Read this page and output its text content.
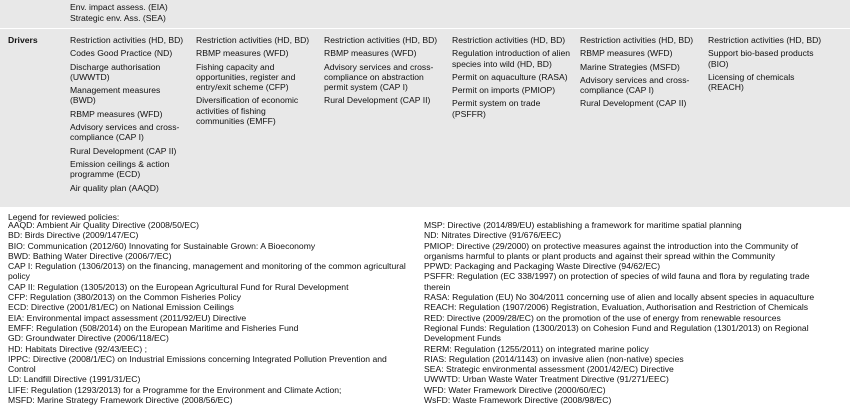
Env. impact assess. (EIA)
Strategic env. Ass. (SEA)
Drivers	Restriction activities (HD, BD)
Codes Good Practice (ND)
Discharge authorisation (UWWTD)
Management measures (BWD)
RBMP measures (WFD)
Advisory services and cross-compliance (CAP I)
Rural Development (CAP II)
Emission ceilings & action programme (ECD)
Air quality plan (AAQD)
Restriction activities (HD, BD)
RBMP measures (WFD)
Fishing capacity and opportunities, register and entry/exit scheme (CFP)
Diversification of economic activities of fishing communities (EMFF)
Restriction activities (HD, BD)
RBMP measures (WFD)
Advisory services and cross-compliance on abstraction permit system (CAP I)
Rural Development (CAP II)
Restriction activities (HD, BD)
Regulation introduction of alien species into wild (HD, BD)
Permit on aquaculture (RASA)
Permit on imports (PMIOP)
Permit system on trade (PSFFR)
Restriction activities (HD, BD)
RBMP measures (WFD)
Marine Strategies (MSFD)
Advisory services and cross-compliance (CAP I)
Rural Development (CAP II)
Restriction activities (HD, BD)
Support bio-based products (BIO)
Licensing of chemicals (REACH)
Legend for reviewed policies:
AAQD: Ambient Air Quality Directive (2008/50/EC)
BD: Birds Directive (2009/147/EC)
BIO: Communication (2012/60) Innovating for Sustainable Grown: A Bioeconomy
BWD: Bathing Water Directive (2006/7/EC)
CAP I: Regulation (1306/2013) on the financing, management and monitoring of the common agricultural policy
CAP II: Regulation (1305/2013) on the European Agricultural Fund for Rural Development
CFP: Regulation (380/2013) on the Common Fisheries Policy
ECD: Directive (2001/81/EC) on National Emission Ceilings
EIA: Environmental impact assessment (2011/92/EU) Directive
EMFF: Regulation (508/2014) on the European Maritime and Fisheries Fund
GD: Groundwater Directive (2006/118/EC)
HD: Habitats Directive (92/43/EEC) ;
IPPC: Directive (2008/1/EC) on Industrial Emissions concerning Integrated Pollution Prevention and Control
LD: Landfill Directive (1991/31/EC)
LIFE: Regulation (1293/2013) for a Programme for the Environment and Climate Action;
MSFD: Marine Strategy Framework Directive (2008/56/EC)
MSP: Directive (2014/89/EU) establishing a framework for maritime spatial planning
ND: Nitrates Directive (91/676/EEC)
PMIOP: Directive (29/2000) on protective measures against the introduction into the Community of organisms harmful to plants or plant products and against their spread within the Community
PPWD: Packaging and Packaging Waste Directive (94/62/EC)
PSFFR: Regulation (EC 338/1997) on protection of species of wild fauna and flora by regulating trade therein
RASA: Regulation (EU) No 304/2011 concerning use of alien and locally absent species in aquaculture
REACH: Regulation (1907/2006) Registration, Evaluation, Authorisation and Restriction of Chemicals
RED: Directive (2009/28/EC) on the promotion of the use of energy from renewable resources
Regional Funds: Regulation (1300/2013) on Cohesion Fund and Regulation (1301/2013) on Regional Development Funds
RERM: Regulation (1255/2011) on integrated marine policy
RIAS: Regulation (2014/1143) on invasive alien (non-native) species
SEA: Strategic environmental assessment (2001/42/EC) Directive
UWWTD: Urban Waste Water Treatment Directive (91/271/EEC)
WFD: Water Framework Directive (2000/60/EC)
WsFD: Waste Framework Directive (2008/98/EC)
